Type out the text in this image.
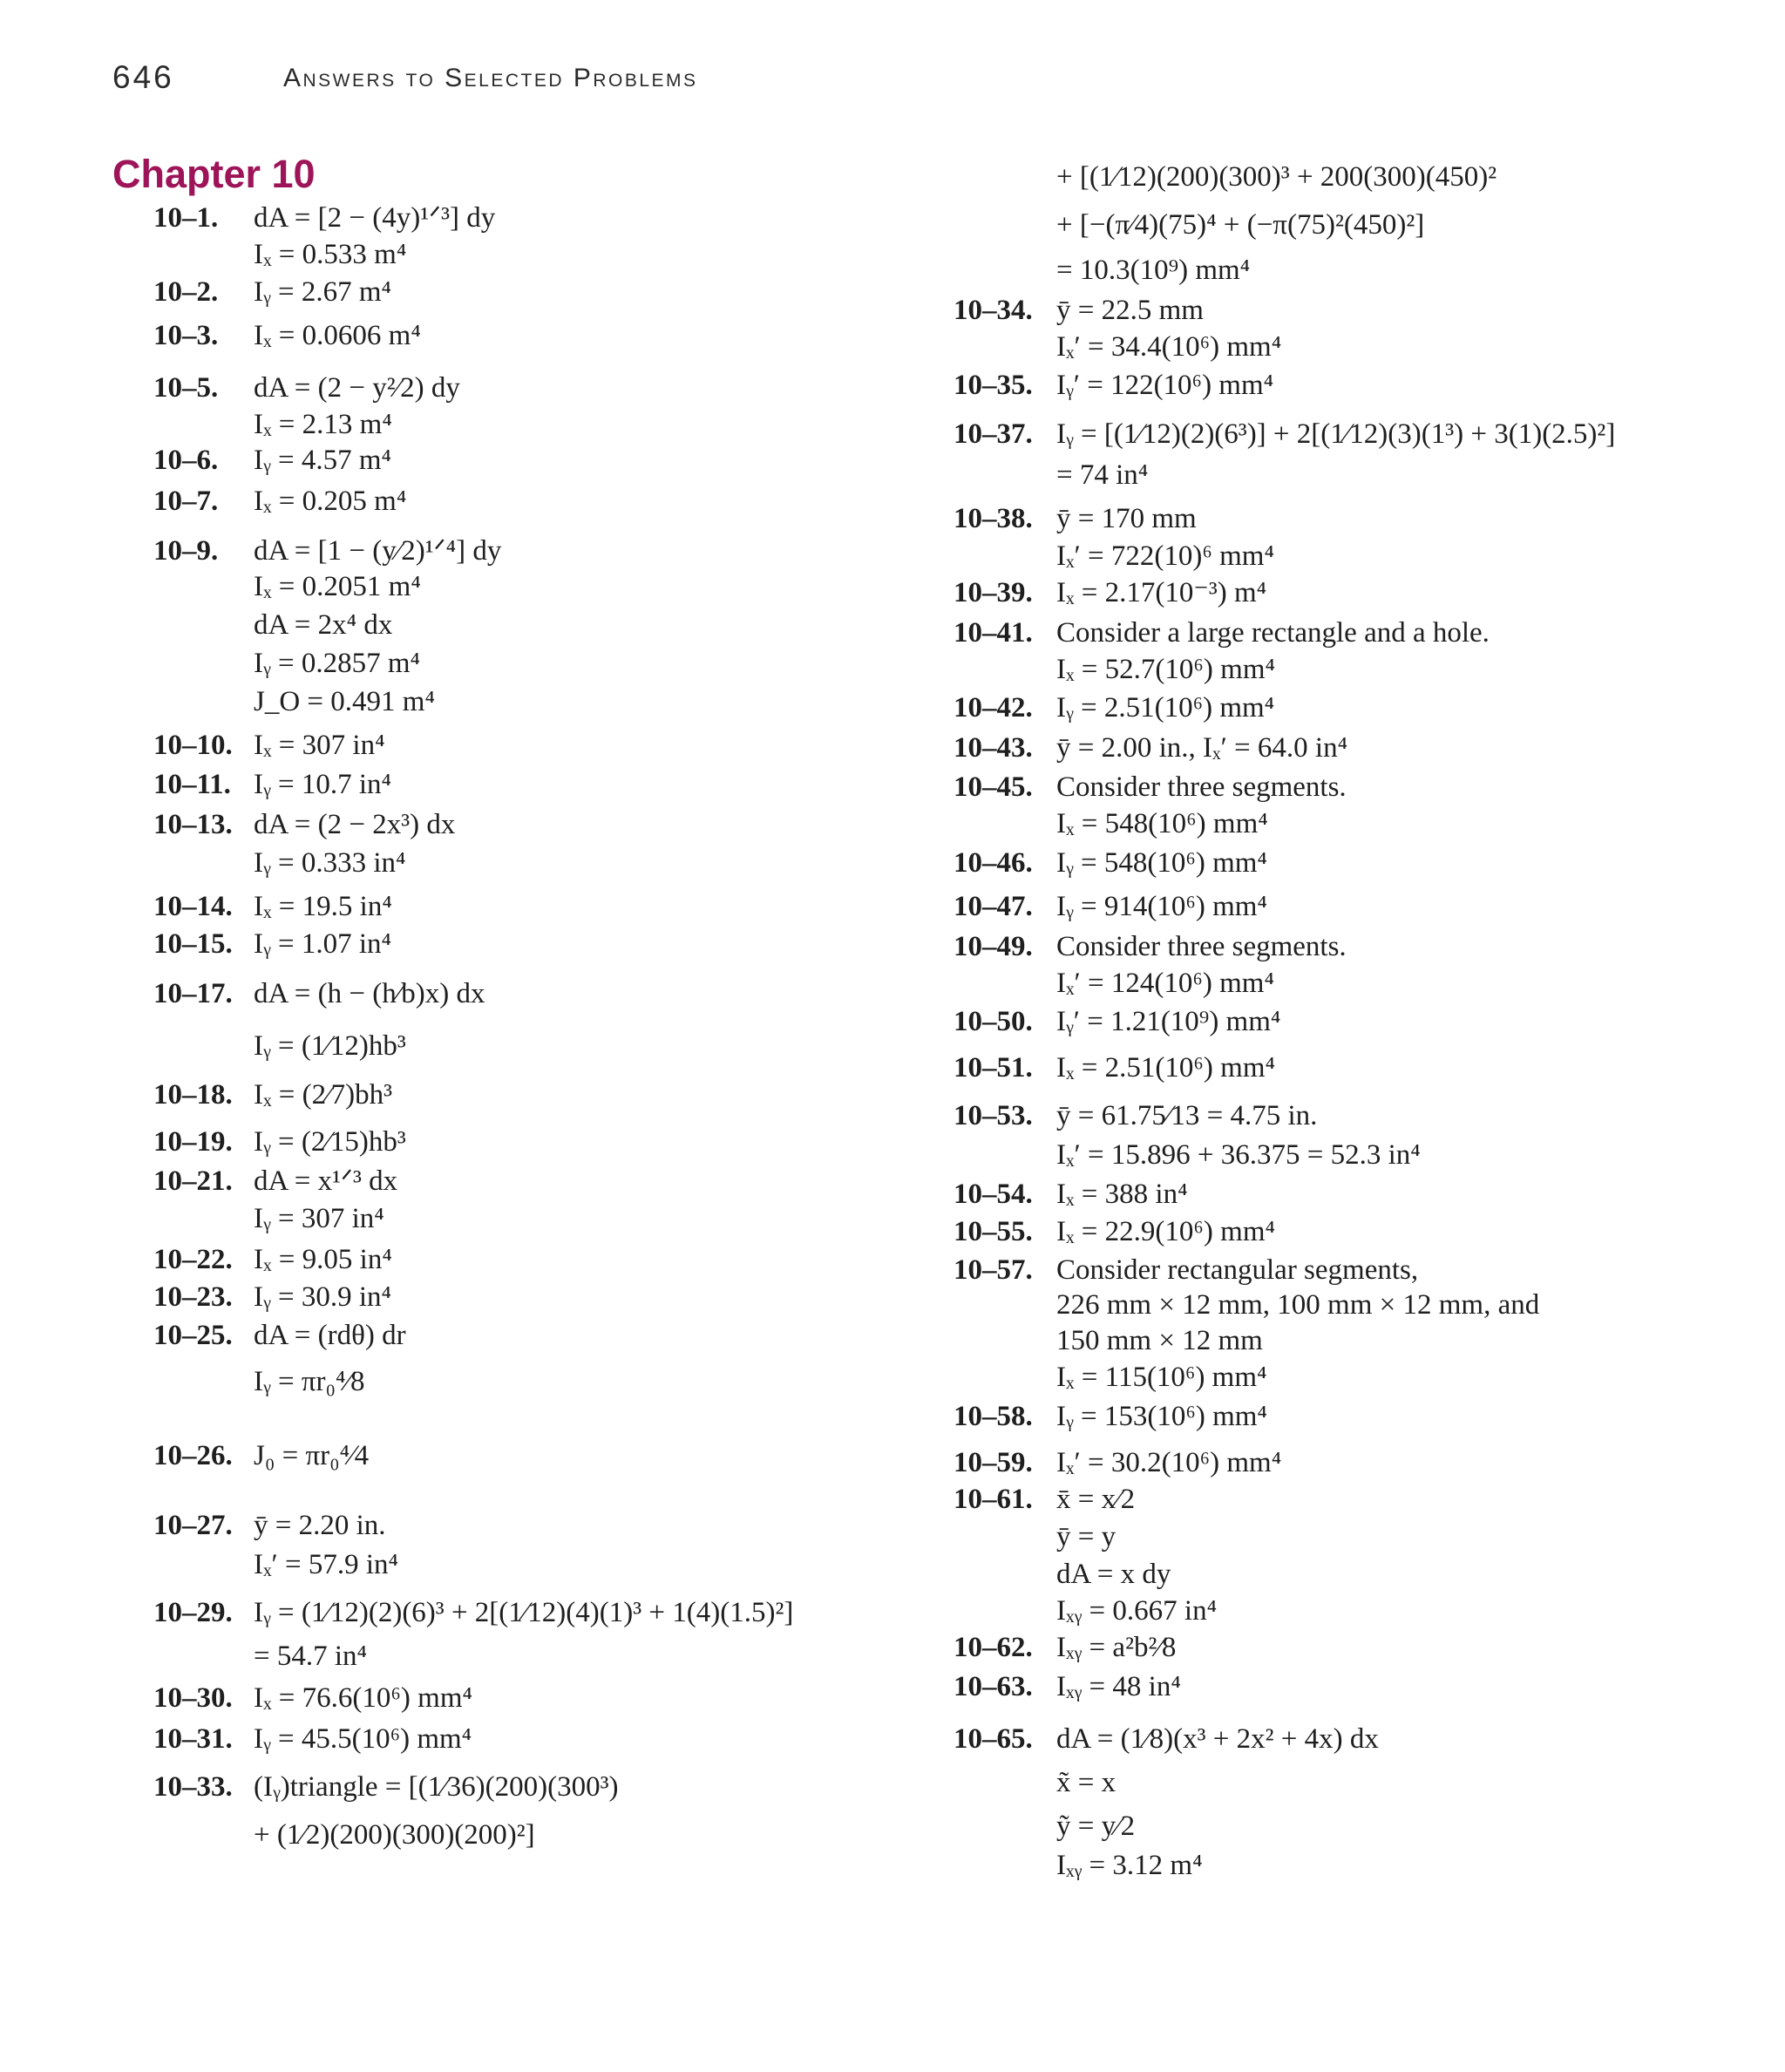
646	Answers to Selected Problems
Chapter 10
10–1. dA = [2 − (4y)¹ᐟ³] dy
Iₓ = 0.533 m⁴
10–2. Iᵧ = 2.67 m⁴
10–3. Iₓ = 0.0606 m⁴
10–5. dA = (2 − y²⁄2) dy
Iₓ = 2.13 m⁴
10–6. Iᵧ = 4.57 m⁴
10–7. Iₓ = 0.205 m⁴
10–9. dA = [1 − (y⁄2)¹ᐟ⁴] dy
Iₓ = 0.2051 m⁴
dA = 2x⁴ dx
Iᵧ = 0.2857 m⁴
J_O = 0.491 m⁴
10–10. Iₓ = 307 in⁴
10–11. Iᵧ = 10.7 in⁴
10–13. dA = (2 − 2x³) dx
Iᵧ = 0.333 in⁴
10–14. Iₓ = 19.5 in⁴
10–15. Iᵧ = 1.07 in⁴
10–17. dA = (h − (h⁄b)x) dx
Iᵧ = (1⁄12)hb³
10–18. Iₓ = (2⁄7)bh³
10–19. Iᵧ = (2⁄15)hb³
10–21. dA = x¹ᐟ³ dx
Iᵧ = 307 in⁴
10–22. Iₓ = 9.05 in⁴
10–23. Iᵧ = 30.9 in⁴
10–25. dA = (rdθ) dr
Iᵧ = πr₀⁴⁄8
10–26. J₀ = πr₀⁴⁄4
10–27. ȳ = 2.20 in.
Iₓ′ = 57.9 in⁴
10–29. Iᵧ = (1⁄12)(2)(6)³ + 2[(1⁄12)(4)(1)³ + 1(4)(1.5)²]
= 54.7 in⁴
10–30. Iₓ = 76.6(10⁶) mm⁴
10–31. Iᵧ = 45.5(10⁶) mm⁴
10–33. (Iᵧ)triangle = [(1⁄36)(200)(300³)
+ (1⁄2)(200)(300)(200)²]
+ [(1⁄12)(200)(300)³ + 200(300)(450)²
+ [−(π⁄4)(75)⁴ + (−π(75)²(450)²]
= 10.3(10⁹) mm⁴
10–34. ȳ = 22.5 mm
Iₓ′ = 34.4(10⁶) mm⁴
10–35. Iᵧ′ = 122(10⁶) mm⁴
10–37. Iᵧ = [(1⁄12)(2)(6³)] + 2[(1⁄12)(3)(1³) + 3(1)(2.5)²]
= 74 in⁴
10–38. ȳ = 170 mm
Iₓ′ = 722(10)⁶ mm⁴
10–39. Iₓ = 2.17(10⁻³) m⁴
10–41. Consider a large rectangle and a hole.
Iₓ = 52.7(10⁶) mm⁴
10–42. Iᵧ = 2.51(10⁶) mm⁴
10–43. ȳ = 2.00 in., Iₓ′ = 64.0 in⁴
10–45. Consider three segments.
Iₓ = 548(10⁶) mm⁴
10–46. Iᵧ = 548(10⁶) mm⁴
10–47. Iᵧ = 914(10⁶) mm⁴
10–49. Consider three segments.
Iₓ′ = 124(10⁶) mm⁴
10–50. Iᵧ′ = 1.21(10⁹) mm⁴
10–51. Iₓ = 2.51(10⁶) mm⁴
10–53. ȳ = 61.75⁄13 = 4.75 in.
Iₓ′ = 15.896 + 36.375 = 52.3 in⁴
10–54. Iₓ = 388 in⁴
10–55. Iₓ = 22.9(10⁶) mm⁴
10–57. Consider rectangular segments,
226 mm × 12 mm, 100 mm × 12 mm, and
150 mm × 12 mm
Iₓ = 115(10⁶) mm⁴
10–58. Iᵧ = 153(10⁶) mm⁴
10–59. Iₓ′ = 30.2(10⁶) mm⁴
10–61. x̄ = x⁄2
ȳ = y
dA = x dy
Iₓᵧ = 0.667 in⁴
10–62. Iₓᵧ = a²b²⁄8
10–63. Iₓᵧ = 48 in⁴
10–65. dA = (1⁄8)(x³ + 2x² + 4x) dx
x̃ = x
ỹ = y⁄2
Iₓᵧ = 3.12 m⁴
